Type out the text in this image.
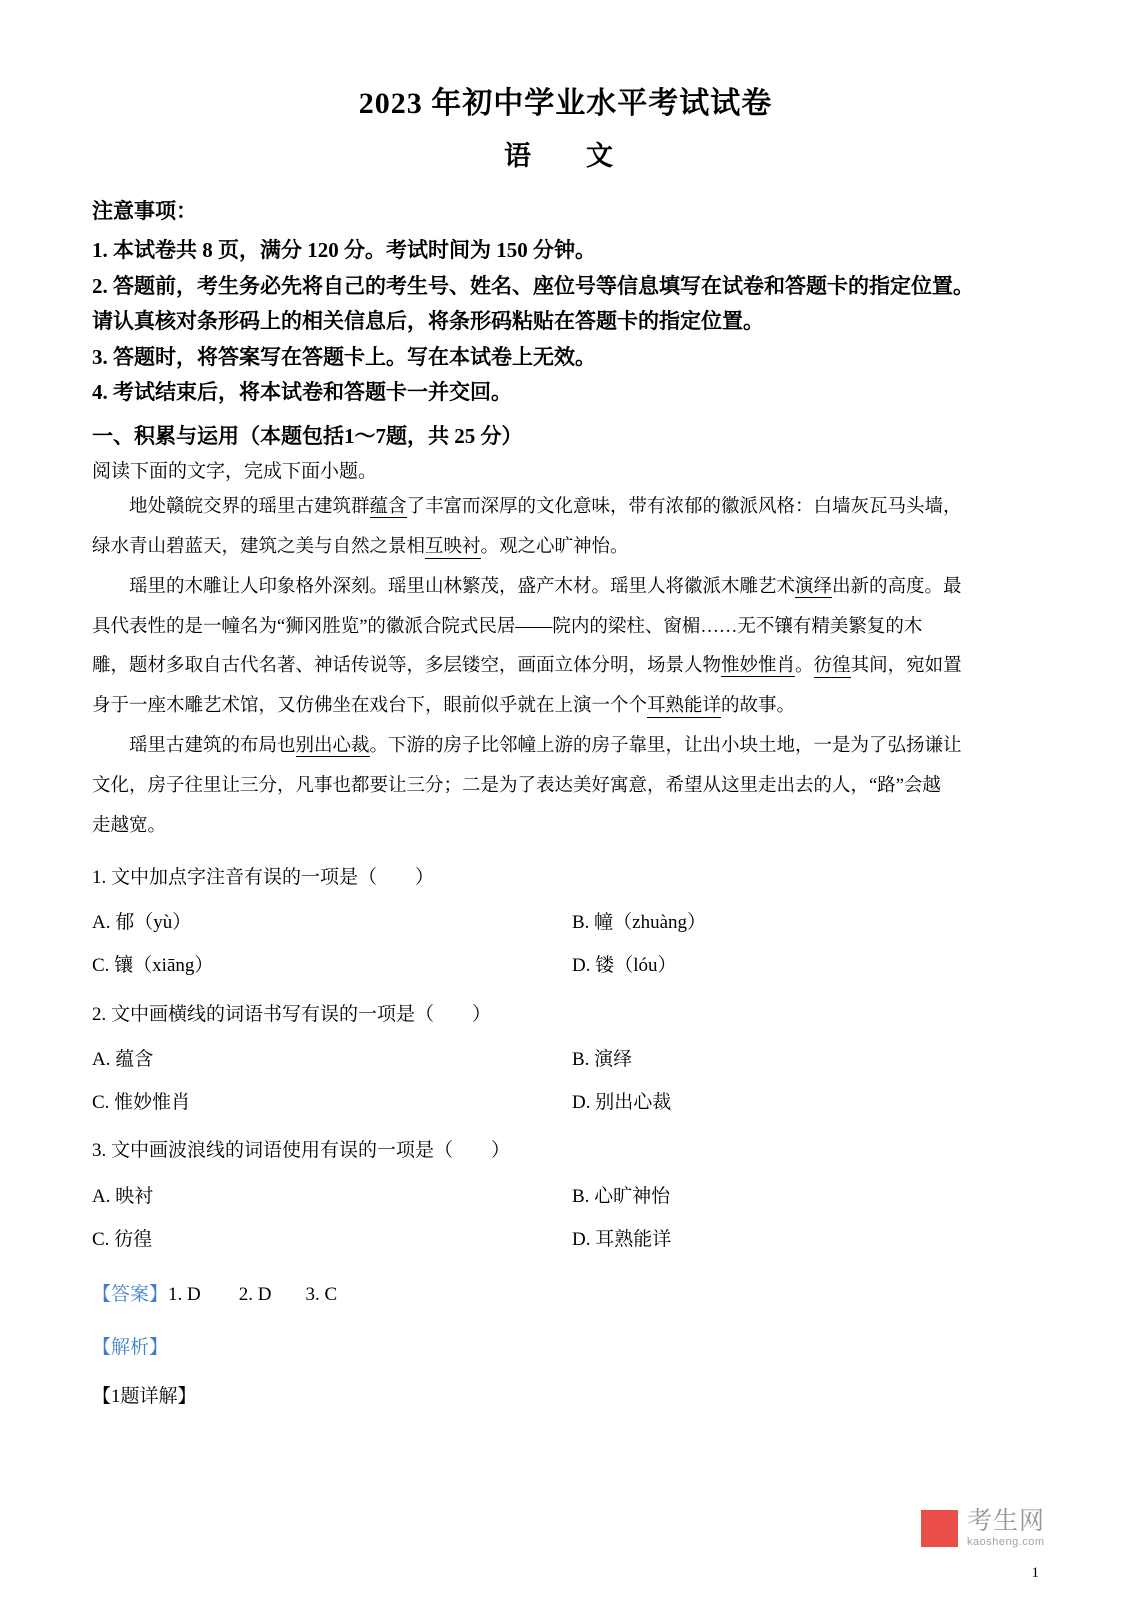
2023 年初中学业水平考试试卷
语　文
注意事项：
1. 本试卷共 8 页，满分 120 分。考试时间为 150 分钟。
2. 答题前，考生务必先将自己的考生号、姓名、座位号等信息填写在试卷和答题卡的指定位置。
请认真核对条形码上的相关信息后，将条形码粘贴在答题卡的指定位置。
3. 答题时，将答案写在答题卡上。写在本试卷上无效。
4. 考试结束后，将本试卷和答题卡一并交回。
一、积累与运用（本题包括1～7题，共 25 分）
阅读下面的文字，完成下面小题。
地处赣皖交界的瑶里古建筑群蕴含了丰富而深厚的文化意味，带有浓郁的徽派风格：白墙灰瓦马头墙，
绿水青山碧蓝天，建筑之美与自然之景相互映衬。观之心旷神怡。
瑶里的木雕让人印象格外深刻。瑶里山林繁茂，盛产木材。瑶里人将徽派木雕艺术演绎出新的高度。最
具代表性的是一幢名为“狮冈胜览”的徽派合院式民居——院内的梁柱、窗楣……无不镶有精美繁复的木
雕，题材多取自古代名著、神话传说等，多层镂空，画面立体分明，场景人物惟妙惟肖。彷徨其间，宛如置
身于一座木雕艺术馆，又仿佛坐在戏台下，眼前似乎就在上演一个个耳熟能详的故事。
瑶里古建筑的布局也别出心裁。下游的房子比邻幢上游的房子靠里，让出小块土地，一是为了弘扬谦让
文化，房子往里让三分，凡事也都要让三分；二是为了表达美好寓意，希望从这里走出去的人，“路”会越
走越宽。
1. 文中加点字注音有误的一项是（　　）
A. 郁（yù）	B. 幢（zhuàng）
C. 镶（xiāng）	D. 镂（lóu）
2. 文中画横线的词语书写有误的一项是（　　）
A. 蕴含	B. 演绎
C. 惟妙惟肖	D. 别出心裁
3. 文中画波浪线的词语使用有误的一项是（　　）
A. 映衬	B. 心旷神怡
C. 彷徨	D. 耳熟能详
【答案】1. D 2. D 3. C
【解析】
【1题详解】
考生网
kaosheng.com
1
